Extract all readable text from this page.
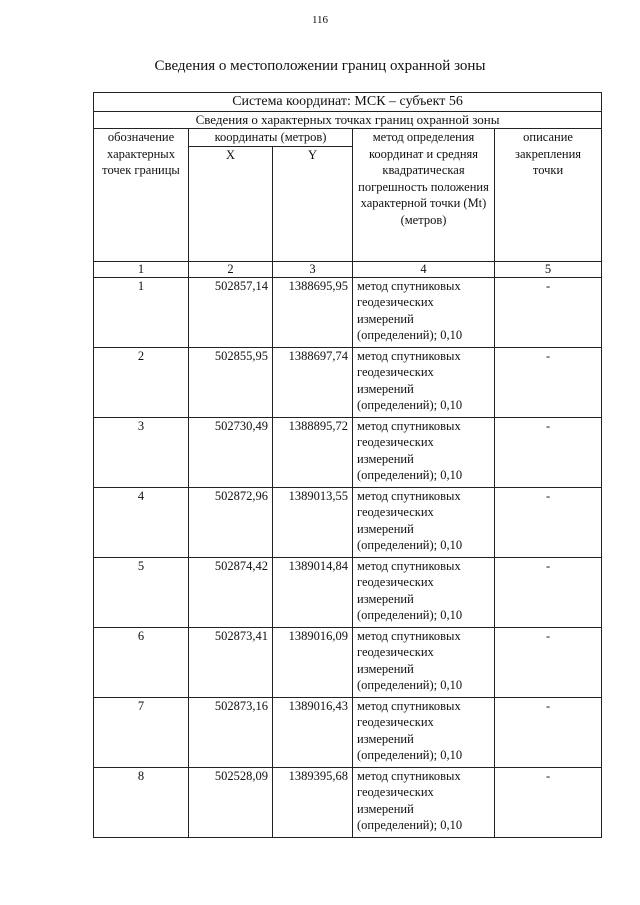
116
Сведения о местоположении границ охранной зоны
Система координат: МСК – субъект 56				
Сведения о характерных точках границ охранной зоны				
обозначение характерных точек границы	координаты (метров)		метод определения координат и средняя квадратическая погрешность положения характерной точки (Mt) (метров)	описание закрепления точки
	X	Y		
1	2	3	4	5
1	502857,14	1388695,95	метод спутниковых
геодезических
измерений
(определений); 0,10	-
2	502855,95	1388697,74	метод спутниковых
геодезических
измерений
(определений); 0,10	-
3	502730,49	1388895,72	метод спутниковых
геодезических
измерений
(определений); 0,10	-
4	502872,96	1389013,55	метод спутниковых
геодезических
измерений
(определений); 0,10	-
5	502874,42	1389014,84	метод спутниковых
геодезических
измерений
(определений); 0,10	-
6	502873,41	1389016,09	метод спутниковых
геодезических
измерений
(определений); 0,10	-
7	502873,16	1389016,43	метод спутниковых
геодезических
измерений
(определений); 0,10	-
8	502528,09	1389395,68	метод спутниковых
геодезических
измерений
(определений); 0,10	-
